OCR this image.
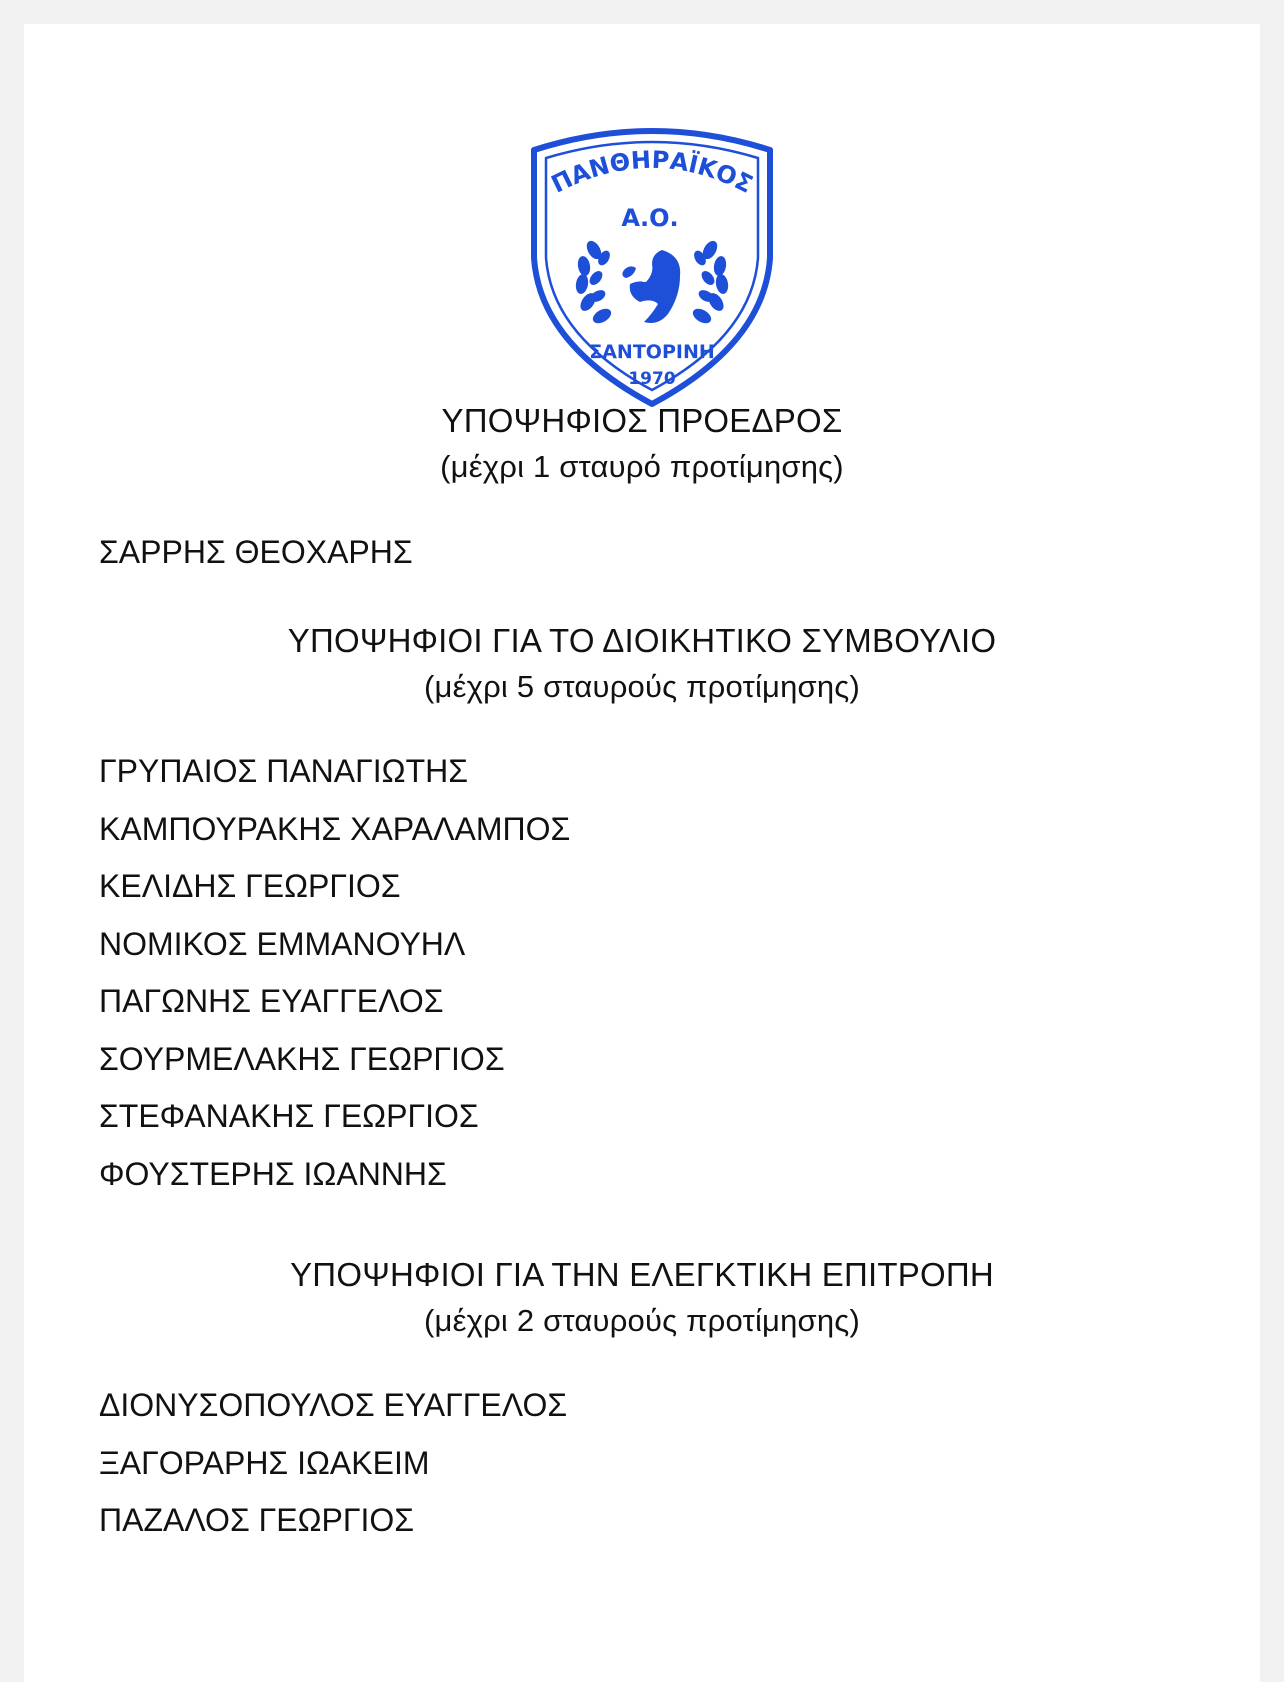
ΠΑΝΘΗΡΑΪΚΟΣ
Α.Ο.
ΣΑΝΤΟΡΙΝΗ
1970
ΥΠΟΨΗΦΙΟΣ ΠΡΟΕΔΡΟΣ
(μέχρι 1 σταυρό προτίμησης)
ΣΑΡΡΗΣ ΘΕΟΧΑΡΗΣ
ΥΠΟΨΗΦΙΟΙ ΓΙΑ ΤΟ ΔΙΟΙΚΗΤΙΚΟ ΣΥΜΒΟΥΛΙΟ
(μέχρι 5 σταυρούς προτίμησης)
ΓΡΥΠΑΙΟΣ ΠΑΝΑΓΙΩΤΗΣ
ΚΑΜΠΟΥΡΑΚΗΣ ΧΑΡΑΛΑΜΠΟΣ
ΚΕΛΙΔΗΣ ΓΕΩΡΓΙΟΣ
ΝΟΜΙΚΟΣ ΕΜΜΑΝΟΥΗΛ
ΠΑΓΩΝΗΣ ΕΥΑΓΓΕΛΟΣ
ΣΟΥΡΜΕΛΑΚΗΣ ΓΕΩΡΓΙΟΣ
ΣΤΕΦΑΝΑΚΗΣ ΓΕΩΡΓΙΟΣ
ΦΟΥΣΤΕΡΗΣ ΙΩΑΝΝΗΣ
ΥΠΟΨΗΦΙΟΙ ΓΙΑ ΤΗΝ ΕΛΕΓΚΤΙΚΗ ΕΠΙΤΡΟΠΗ
(μέχρι 2 σταυρούς προτίμησης)
ΔΙΟΝΥΣΟΠΟΥΛΟΣ ΕΥΑΓΓΕΛΟΣ
ΞΑΓΟΡΑΡΗΣ ΙΩΑΚΕΙΜ
ΠΑΖΑΛΟΣ ΓΕΩΡΓΙΟΣ
